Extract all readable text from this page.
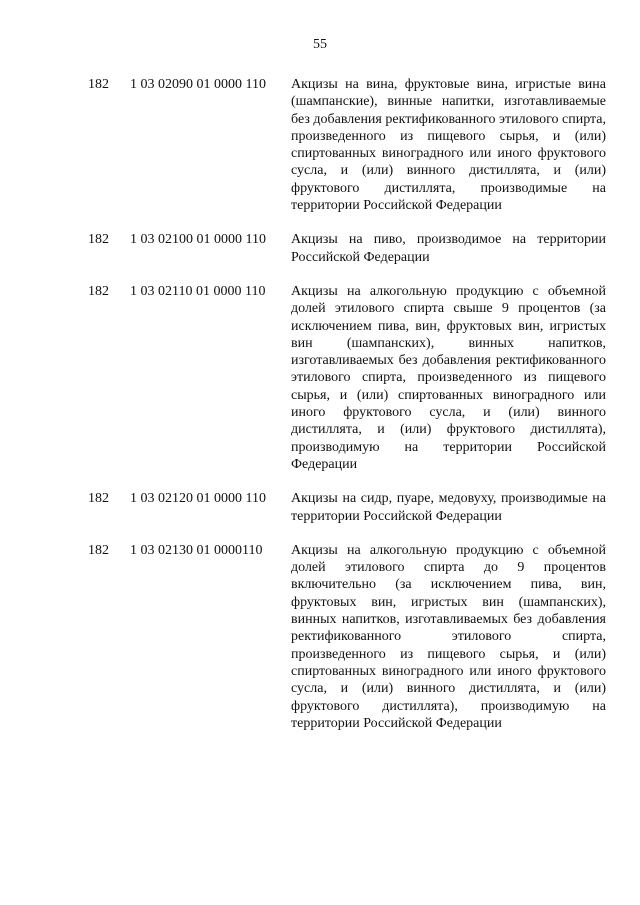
55
182 1 03 02090 01 0000 110 Акцизы на вина, фруктовые вина, игристые вина (шампанские), винные напитки, изготавливаемые без добавления ректификованного этилового спирта, произведенного из пищевого сырья, и (или) спиртованных виноградного или иного фруктового сусла, и (или) винного дистиллята, и (или) фруктового дистиллята, производимые на территории Российской Федерации
182 1 03 02100 01 0000 110 Акцизы на пиво, производимое на территории Российской Федерации
182 1 03 02110 01 0000 110 Акцизы на алкогольную продукцию с объемной долей этилового спирта свыше 9 процентов (за исключением пива, вин, фруктовых вин, игристых вин (шампанских), винных напитков, изготавливаемых без добавления ректификованного этилового спирта, произведенного из пищевого сырья, и (или) спиртованных виноградного или иного фруктового сусла, и (или) винного дистиллята, и (или) фруктового дистиллята), производимую на территории Российской Федерации
182 1 03 02120 01 0000 110 Акцизы на сидр, пуаре, медовуху, производимые на территории Российской Федерации
182 1 03 02130 01 0000110 Акцизы на алкогольную продукцию с объемной долей этилового спирта до 9 процентов включительно (за исключением пива, вин, фруктовых вин, игристых вин (шампанских), винных напитков, изготавливаемых без добавления ректификованного этилового спирта, произведенного из пищевого сырья, и (или) спиртованных виноградного или иного фруктового сусла, и (или) винного дистиллята, и (или) фруктового дистиллята), производимую на территории Российской Федерации
